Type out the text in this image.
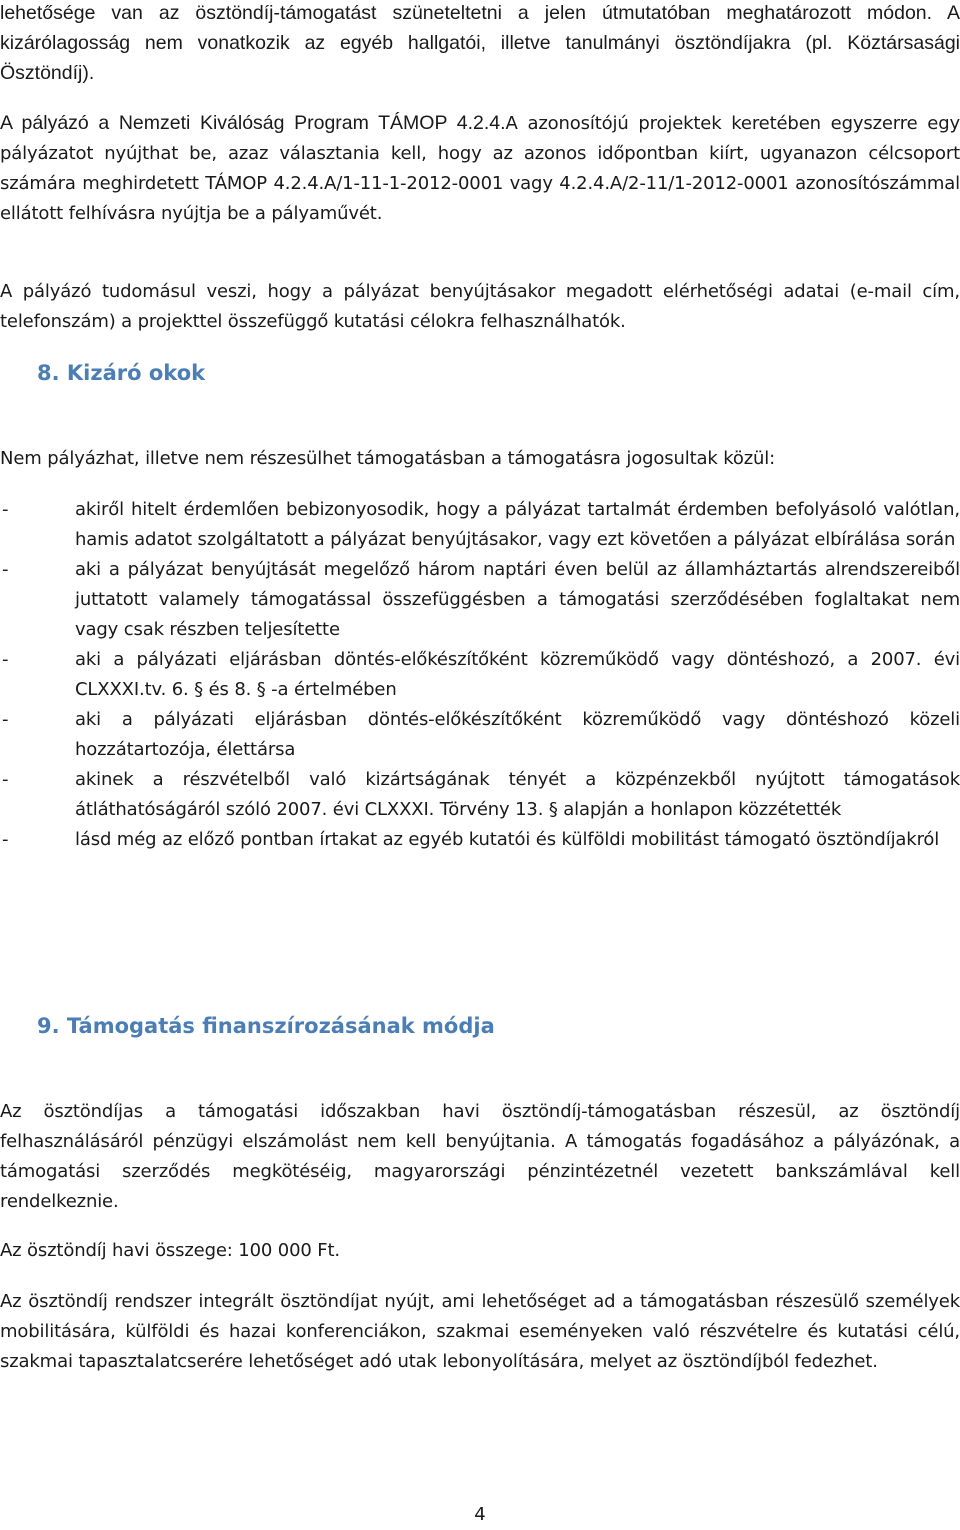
lehetősége van az ösztöndíj-támogatást szüneteltetni a jelen útmutatóban meghatározott módon. A kizárólagosság nem vonatkozik az egyéb hallgatói, illetve tanulmányi ösztöndíjakra (pl. Köztársasági Ösztöndíj).

A pályázó a Nemzeti Kiválóság Program TÁMOP 4.2.4.A azonosítójú projektek keretében egyszerre egy pályázatot nyújthat be, azaz választania kell, hogy az azonos időpontban kiírt, ugyanazon célcsoport számára meghirdetett TÁMOP 4.2.4.A/1-11-1-2012-0001 vagy 4.2.4.A/2-11/1-2012-0001 azonosítószámmal ellátott felhívásra nyújtja be a pályaművét.

A pályázó tudomásul veszi, hogy a pályázat benyújtásakor megadott elérhetőségi adatai (e-mail cím, telefonszám) a projekttel összefüggő kutatási célokra felhasználhatók.

8. Kizáró okok

Nem pályázhat, illetve nem részesülhet támogatásban a támogatásra jogosultak közül:

-	akiről hitelt érdemlően bebizonyosodik, hogy a pályázat tartalmát érdemben befolyásoló valótlan, hamis adatot szolgáltatott a pályázat benyújtásakor, vagy ezt követően a pályázat elbírálása során
-	aki a pályázat benyújtását megelőző három naptári éven belül az államháztartás alrendszereiből juttatott valamely támogatással összefüggésben a támogatási szerződésében foglaltakat nem vagy csak részben teljesítette
-	aki a pályázati eljárásban döntés-előkészítőként közreműködő vagy döntéshozó, a 2007. évi CLXXXI.tv. 6. § és 8. § -a értelmében
-	aki a pályázati eljárásban döntés-előkészítőként közreműködő vagy döntéshozó közeli hozzátartozója, élettársa
-	akinek a részvételből való kizártságának tényét a közpénzekből nyújtott támogatások átláthatóságáról szóló 2007. évi CLXXXI. Törvény 13. § alapján a honlapon közzétették
-	lásd még az előző pontban írtakat az egyéb kutatói és külföldi mobilitást támogató ösztöndíjakról
9. Támogatás finanszírozásának módja

Az ösztöndíjas a támogatási időszakban havi ösztöndíj-támogatásban részesül, az ösztöndíj felhasználásáról pénzügyi elszámolást nem kell benyújtania. A támogatás fogadásához a pályázónak, a támogatási szerződés megkötéséig, magyarországi pénzintézetnél vezetett bankszámlával kell rendelkeznie.

Az ösztöndíj havi összege: 100 000 Ft.

Az ösztöndíj rendszer integrált ösztöndíjat nyújt, ami lehetőséget ad a támogatásban részesülő személyek mobilitására, külföldi és hazai konferenciákon, szakmai eseményeken való részvételre és kutatási célú, szakmai tapasztalatcserére lehetőséget adó utak lebonyolítására, melyet az ösztöndíjból fedezhet.

4
